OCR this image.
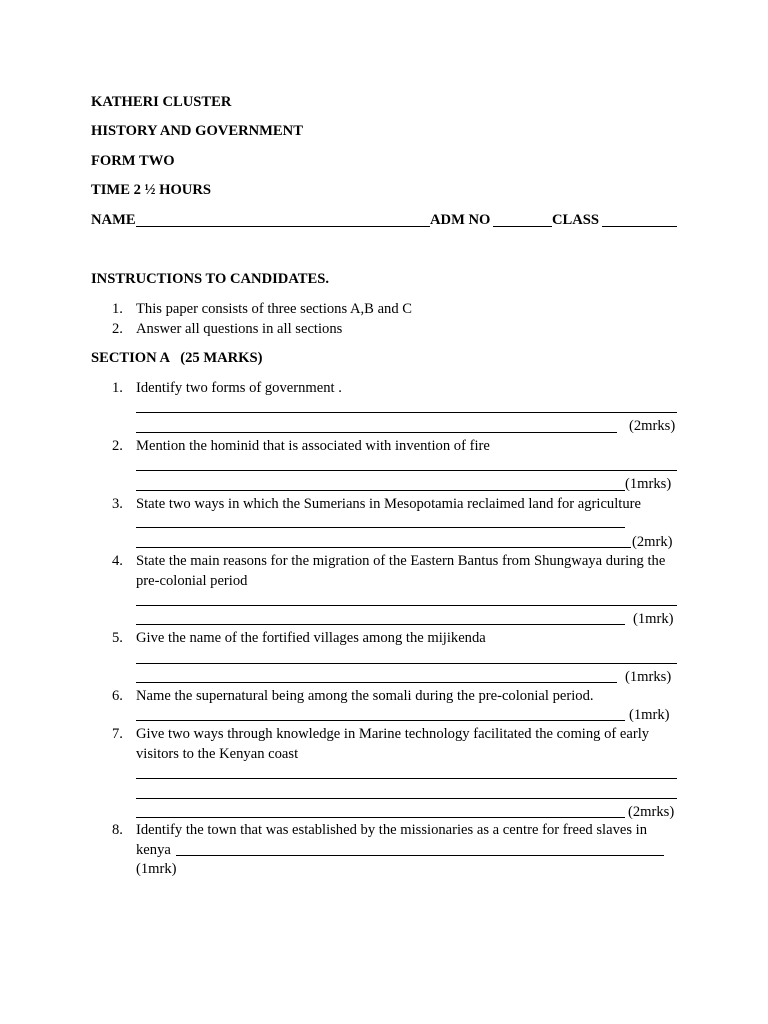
KATHERI CLUSTER
HISTORY AND GOVERNMENT
FORM TWO
TIME 2 ½ HOURS
NAME	ADM NO	CLASS
INSTRUCTIONS TO CANDIDATES.
1. This paper consists of three sections A,B and C
2. Answer all questions in all sections
SECTION A   (25 MARKS)
1. Identify two forms of government .
(2mrks)
2. Mention the hominid that is associated with invention of fire
(1mrks)
3. State two ways in which the Sumerians in Mesopotamia reclaimed land for agriculture
(2mrk)
4. State the main reasons for the migration of the Eastern Bantus from Shungwaya during the pre-colonial period
(1mrk)
5. Give the name of the fortified villages among the mijikenda
(1mrks)
6. Name the supernatural being among the somali during the pre-colonial period.
(1mrk)
7. Give two ways through knowledge in Marine technology facilitated the coming of early visitors to the Kenyan coast
(2mrks)
8. Identify the town that was established by the missionaries as a centre for freed slaves in kenya
(1mrk)
